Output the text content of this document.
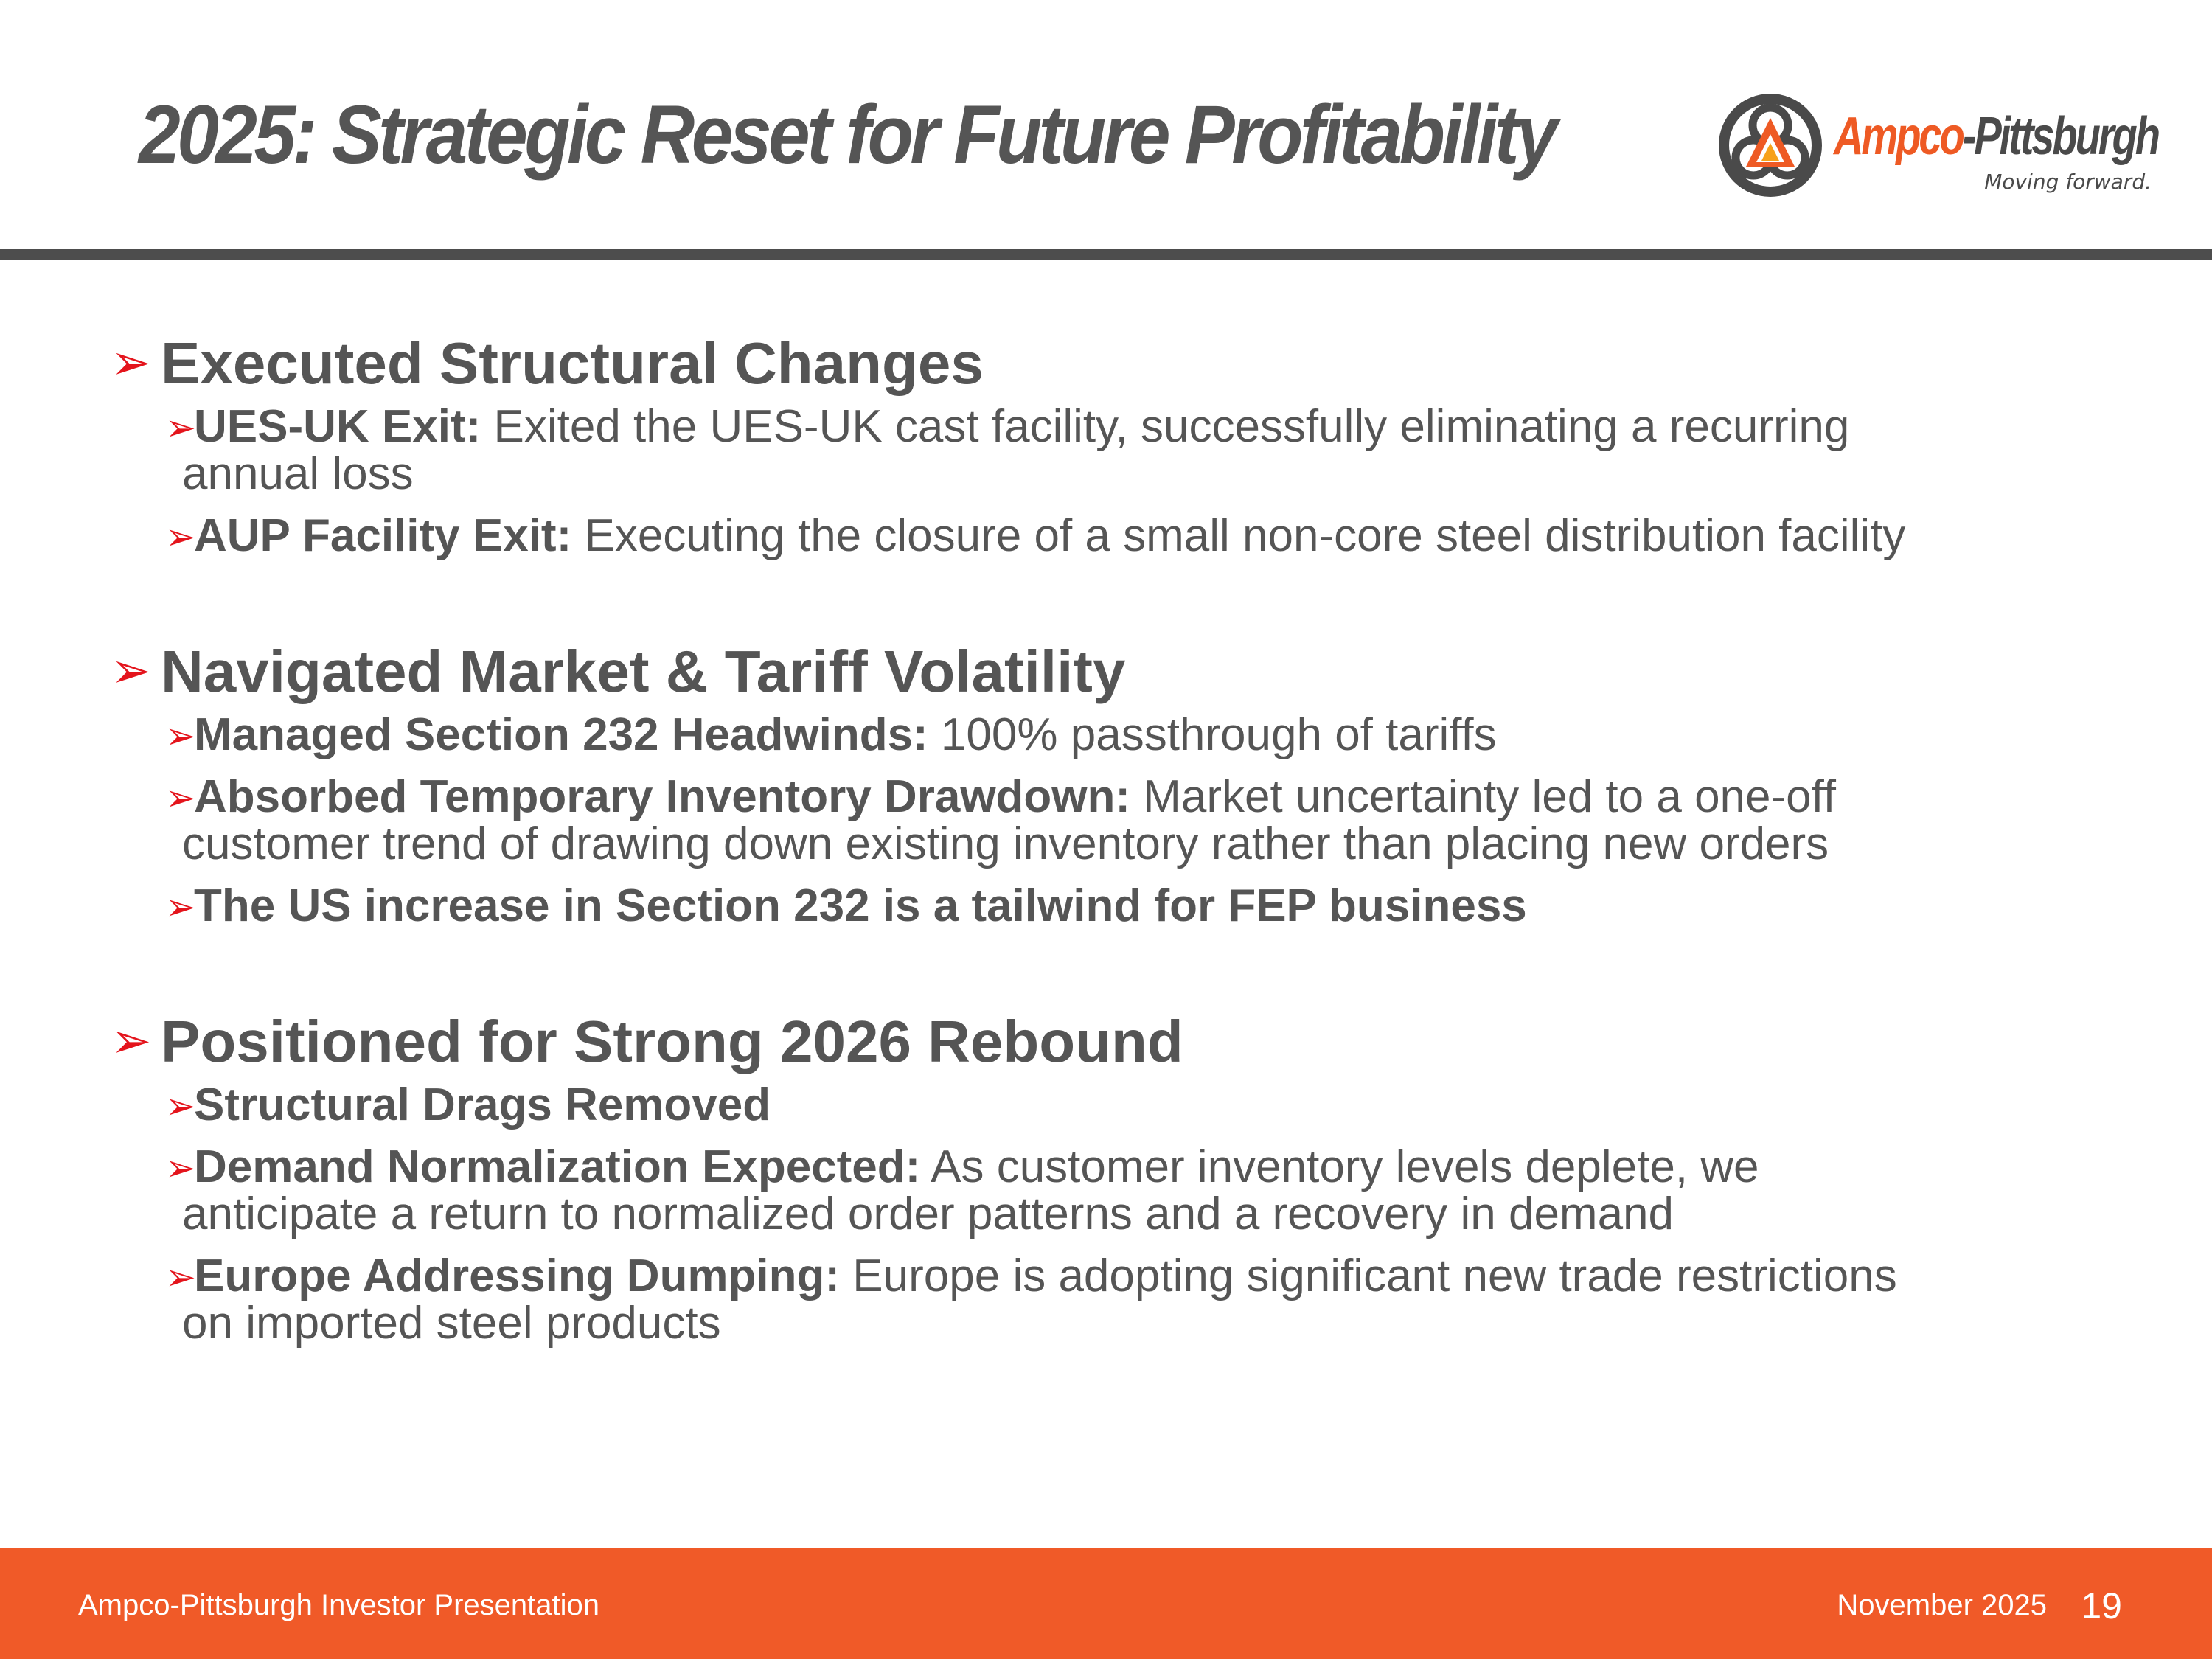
2025: Strategic Reset for Future Profitability	Ampco-Pittsburgh
Moving forward.
➢ Executed Structural Changes
➢
UES-UK Exit: Exited the UES-UK cast facility, successfully eliminating a recurring
annual loss
➢
AUP Facility Exit: Executing the closure of a small non-core steel distribution facility
➢ Navigated Market & Tariff Volatility
➢
Managed Section 232 Headwinds: 100% passthrough of tariffs
➢
Absorbed Temporary Inventory Drawdown: Market uncertainty led to a one-off
customer trend of drawing down existing inventory rather than placing new orders
➢
The US increase in Section 232 is a tailwind for FEP business
➢ Positioned for Strong 2026 Rebound
➢
Structural Drags Removed
➢
Demand Normalization Expected: As customer inventory levels deplete, we
anticipate a return to normalized order patterns and a recovery in demand
➢
Europe Addressing Dumping: Europe is adopting significant new trade restrictions
on imported steel products
Ampco-Pittsburgh Investor Presentation	November 2025 19
